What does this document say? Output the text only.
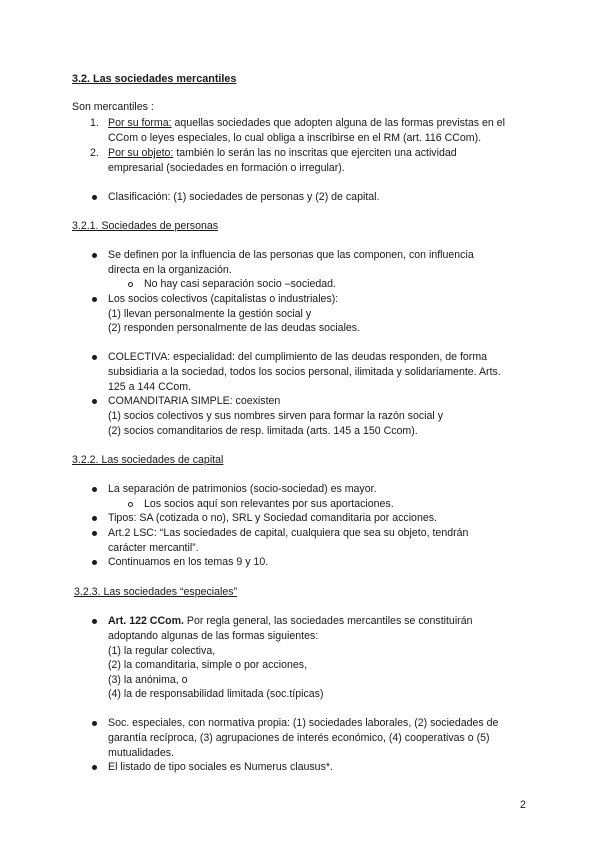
3.2. Las sociedades mercantiles
Son mercantiles :
1. Por su forma: aquellas sociedades que adopten alguna de las formas previstas en el
CCom o leyes especiales, lo cual obliga a inscribirse en el RM (art. 116 CCom).
2. Por su objeto: también lo serán las no inscritas que ejerciten una actividad
empresarial (sociedades en formación o irregular).
Clasificación: (1) sociedades de personas y (2) de capital.
3.2.1. Sociedades de personas
Se definen por la influencia de las personas que las componen, con influencia
directa en la organización.
No hay casi separación socio –sociedad.
Los socios colectivos (capitalistas o industriales):
(1) llevan personalmente la gestión social y
(2) responden personalmente de las deudas sociales.
COLECTIVA: especialidad: del cumplimiento de las deudas responden, de forma
subsidiaria a la sociedad, todos los socios personal, ilimitada y solidariamente. Arts.
125 a 144 CCom.
COMANDITARIA SIMPLE: coexisten
(1) socios colectivos y sus nombres sirven para formar la razón social y
(2) socios comanditarios de resp. limitada (arts. 145 a 150 Ccom).
3.2.2. Las sociedades de capital
La separación de patrimonios (socio-sociedad) es mayor.
Los socios aquí son relevantes por sus aportaciones.
Tipos: SA (cotizada o no), SRL y Sociedad comanditaria por acciones.
Art.2 LSC: “Las sociedades de capital, cualquiera que sea su objeto, tendrán
carácter mercantil”.
Continuamos en los temas 9 y 10.
3.2.3. Las sociedades “especiales”
Art. 122 CCom. Por regla general, las sociedades mercantiles se constituirán
adoptando algunas de las formas siguientes:
(1) la regular colectiva,
(2) la comanditaria, simple o por acciones,
(3) la anónima, o
(4) la de responsabilidad limitada (soc.típicas)
Soc. especiales, con normativa propia: (1) sociedades laborales, (2) sociedades de
garantía recíproca, (3) agrupaciones de interés económico, (4) cooperativas o (5)
mutualidades.
El listado de tipo sociales es Numerus clausus*.
2
